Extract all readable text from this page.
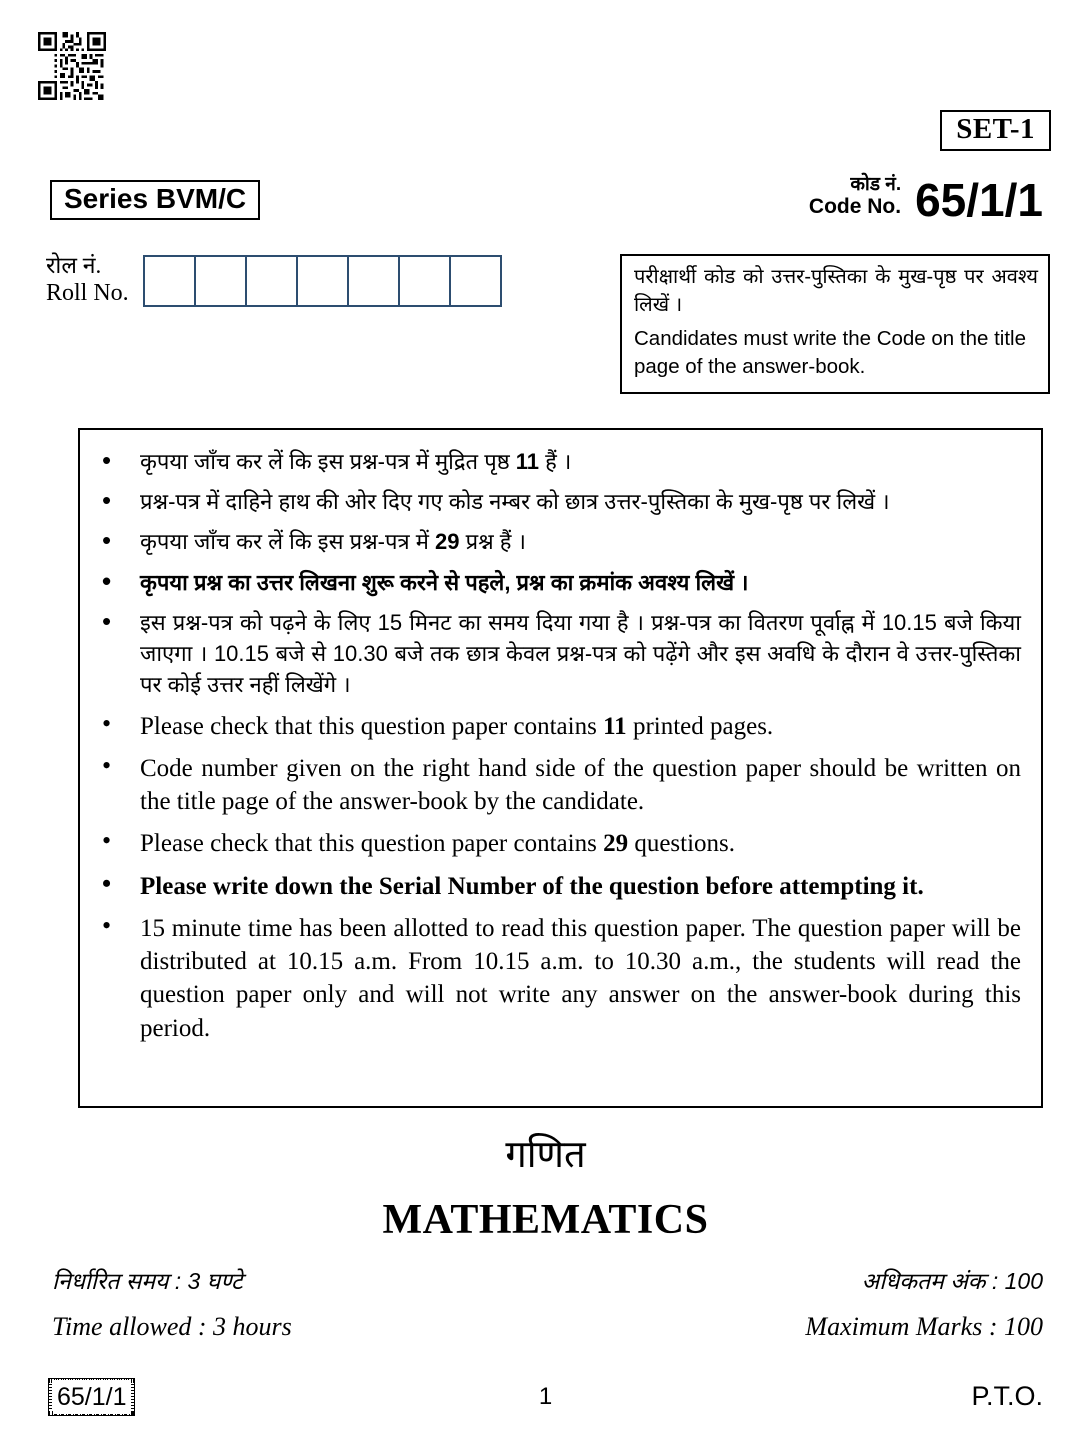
SET-1
Series BVM/C	कोड नं.
Code No. 65/1/1
रोल नं.
Roll No.

परीक्षार्थी कोड को उत्तर-पुस्तिका के मुख-पृष्ठ पर अवश्य लिखें ।

Candidates must write the Code on the title page of the answer-book.

• कृपया जाँच कर लें कि इस प्रश्न-पत्र में मुद्रित पृष्ठ 11 हैं ।
• प्रश्न-पत्र में दाहिने हाथ की ओर दिए गए कोड नम्बर को छात्र उत्तर-पुस्तिका के मुख-पृष्ठ पर लिखें ।
• कृपया जाँच कर लें कि इस प्रश्न-पत्र में 29 प्रश्न हैं ।
• कृपया प्रश्न का उत्तर लिखना शुरू करने से पहले, प्रश्न का क्रमांक अवश्य लिखें ।
• इस प्रश्न-पत्र को पढ़ने के लिए 15 मिनट का समय दिया गया है । प्रश्न-पत्र का वितरण पूर्वाह्न में 10.15 बजे किया जाएगा । 10.15 बजे से 10.30 बजे तक छात्र केवल प्रश्न-पत्र को पढ़ेंगे और इस अवधि के दौरान वे उत्तर-पुस्तिका पर कोई उत्तर नहीं लिखेंगे ।
• Please check that this question paper contains 11 printed pages.
• Code number given on the right hand side of the question paper should be written on the title page of the answer-book by the candidate.
• Please check that this question paper contains 29 questions.
• Please write down the Serial Number of the question before attempting it.
• 15 minute time has been allotted to read this question paper. The question paper will be distributed at 10.15 a.m. From 10.15 a.m. to 10.30 a.m., the students will read the question paper only and will not write any answer on the answer-book during this period.
गणित
MATHEMATICS
निर्धारित समय : 3 घण्टे	अधिकतम अंक : 100
Time allowed : 3 hours	Maximum Marks : 100
65/1/1	1	P.T.O.
